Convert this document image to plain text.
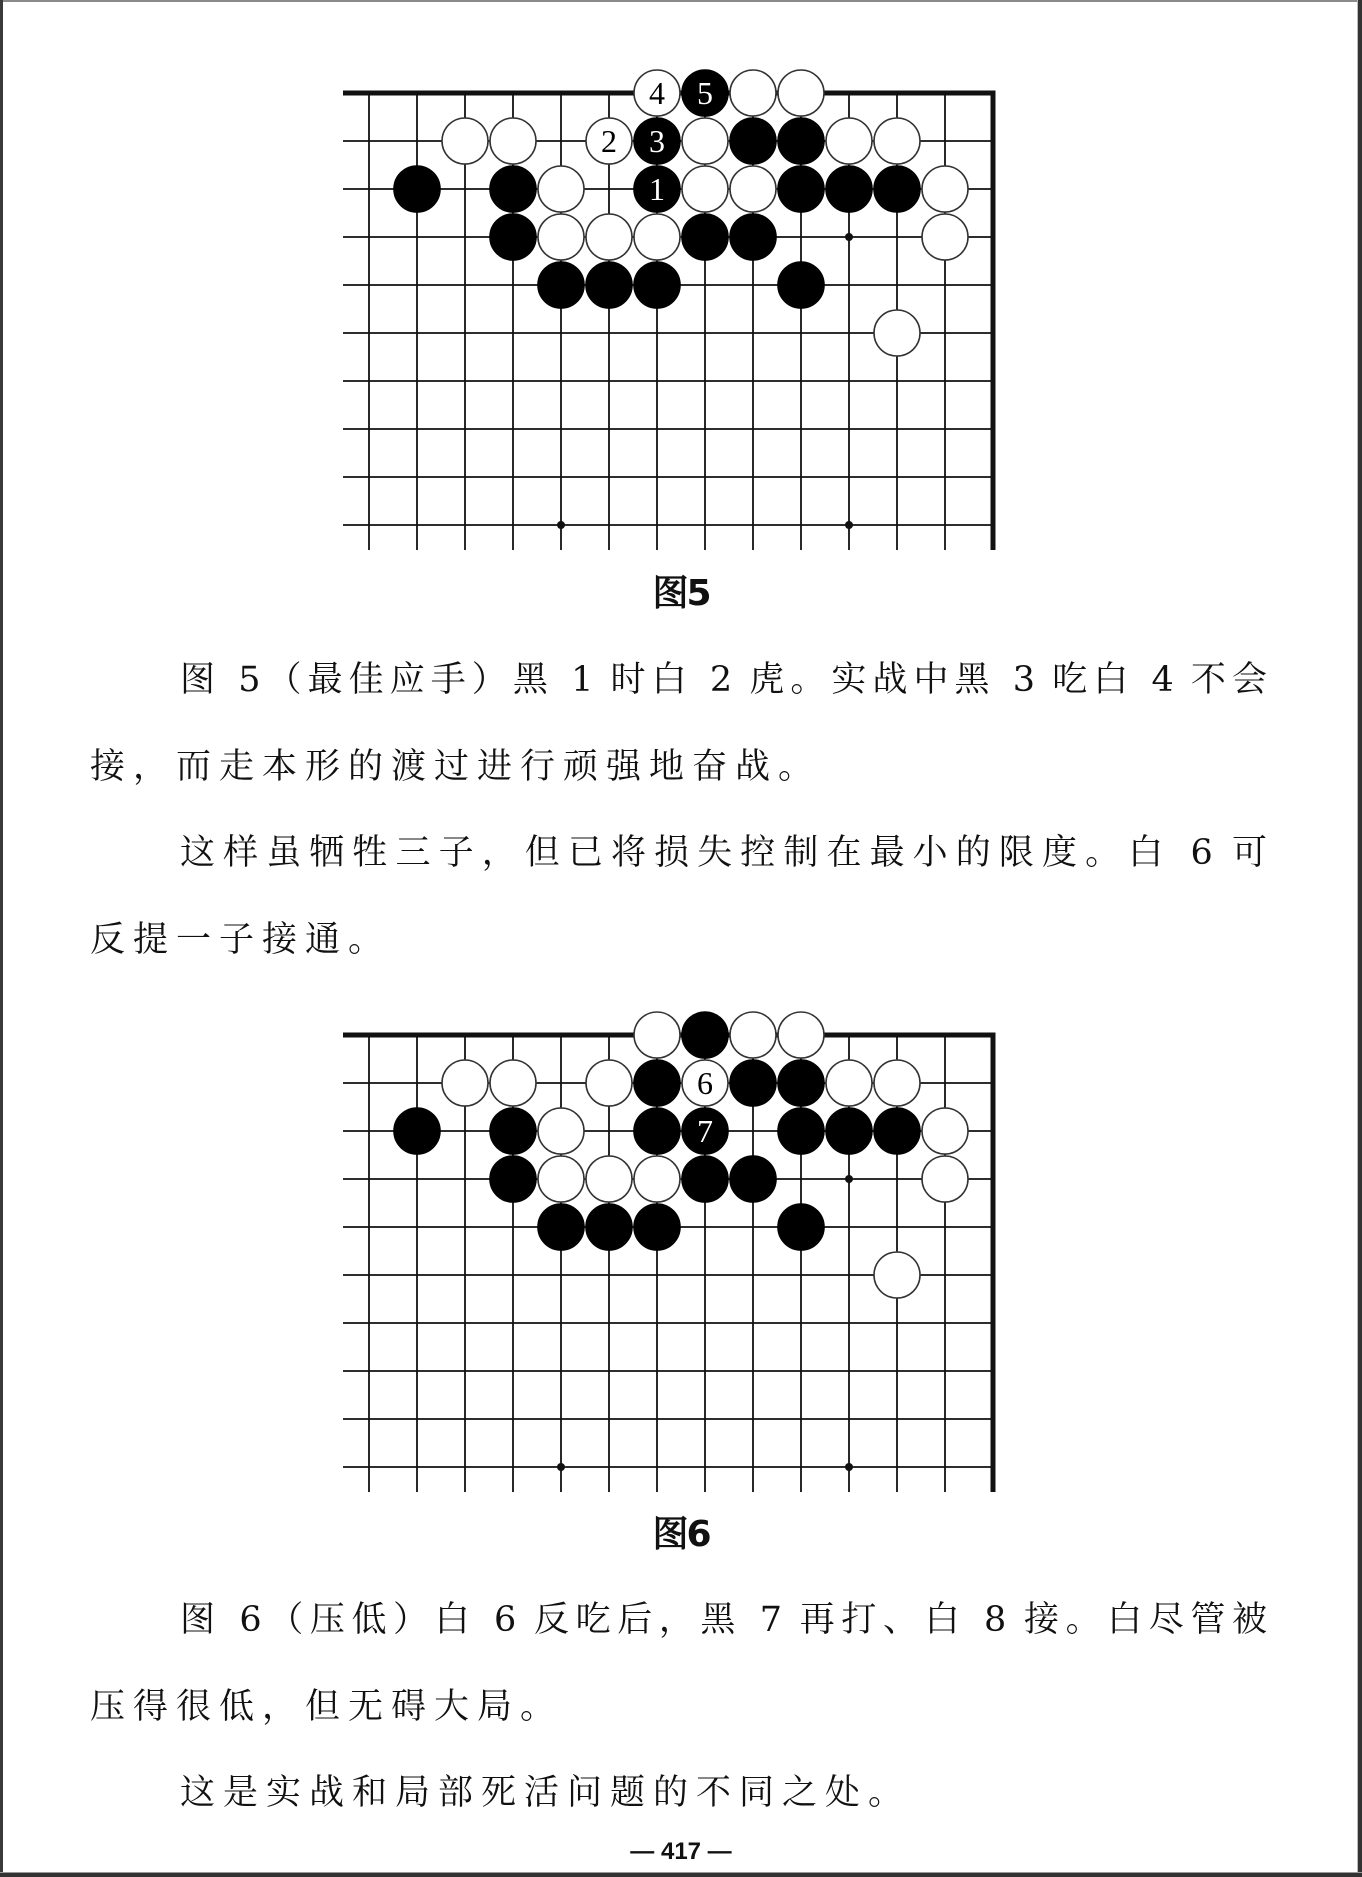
4 5
2 3
1
图5
图 5（最佳应手）黑 1 时白 2 虎。实战中黑 3 吃白 4 不会
接，而走本形的渡过进行顽强地奋战。
这样虽牺牲三子，但已将损失控制在最小的限度。白 6 可
反提一子接通。
6
7
图6
图 6（压低）白 6 反吃后，黑 7 再打、白 8 接。白尽管被
压得很低，但无碍大局。
这是实战和局部死活问题的不同之处。
— 417 —
